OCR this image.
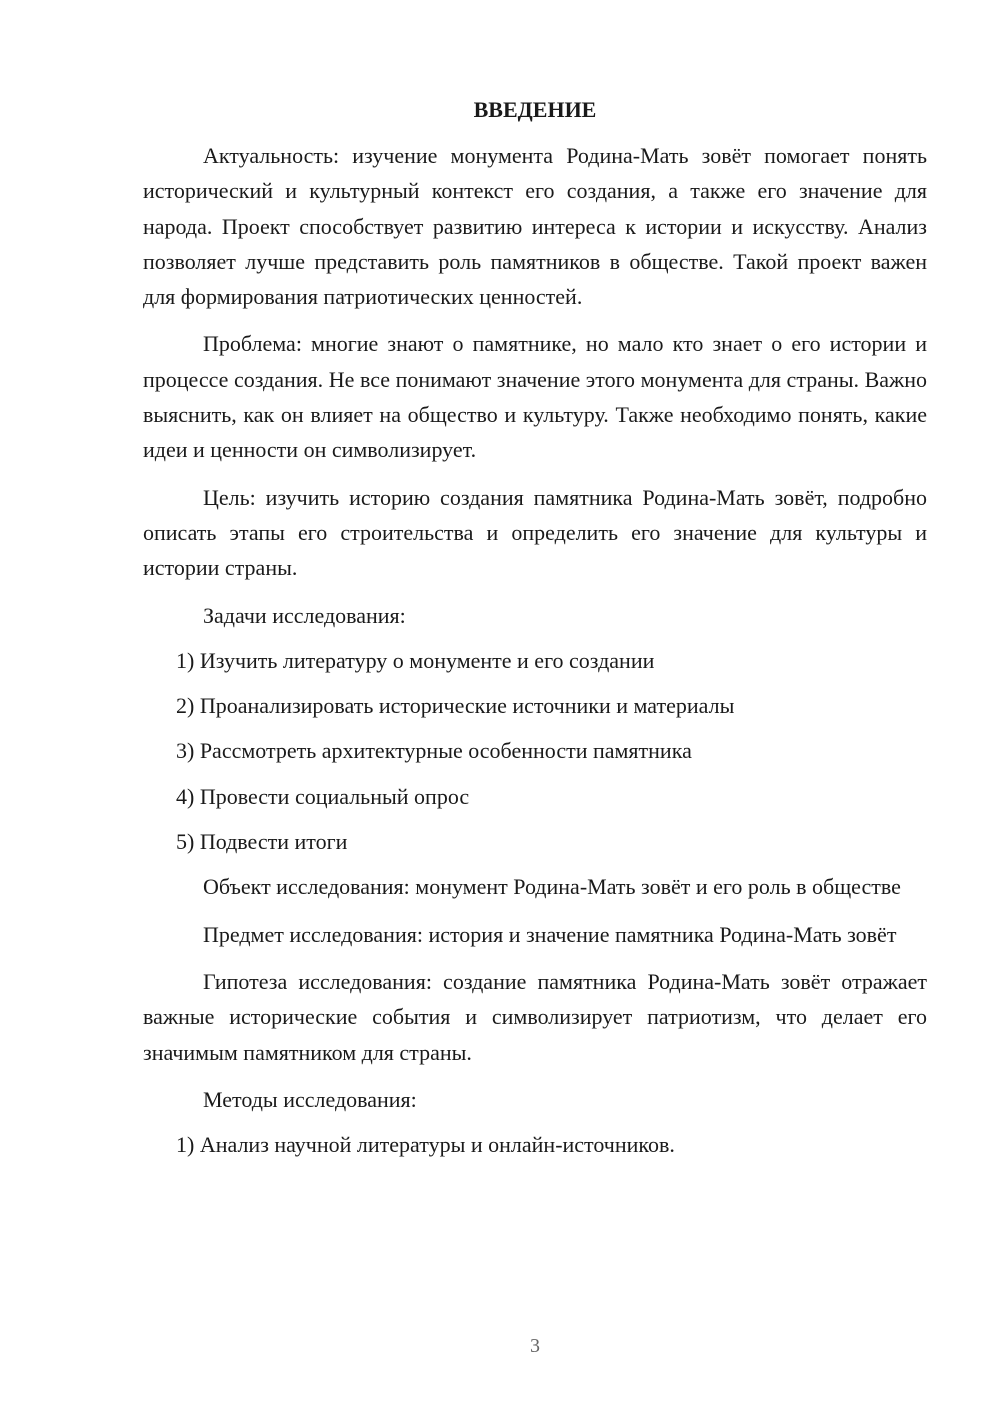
ВВЕДЕНИЕ

Актуальность: изучение монумента Родина-Мать зовёт помогает понять исторический и культурный контекст его создания, а также его значение для народа. Проект способствует развитию интереса к истории и искусству. Анализ позволяет лучше представить роль памятников в обществе. Такой проект важен для формирования патриотических ценностей.

Проблема: многие знают о памятнике, но мало кто знает о его истории и процессе создания. Не все понимают значение этого монумента для страны. Важно выяснить, как он влияет на общество и культуру. Также необходимо понять, какие идеи и ценности он символизирует.

Цель: изучить историю создания памятника Родина-Мать зовёт, подробно описать этапы его строительства и определить его значение для культуры и истории страны.

Задачи исследования:

1) Изучить литературу о монументе и его создании

2) Проанализировать исторические источники и материалы

3) Рассмотреть архитектурные особенности памятника

4) Провести социальный опрос

5) Подвести итоги

Объект исследования: монумент Родина-Мать зовёт и его роль в обществе

Предмет исследования: история и значение памятника Родина-Мать зовёт

Гипотеза исследования: создание памятника Родина-Мать зовёт отражает важные исторические события и символизирует патриотизм, что делает его значимым памятником для страны.

Методы исследования:

1) Анализ научной литературы и онлайн-источников.

3
